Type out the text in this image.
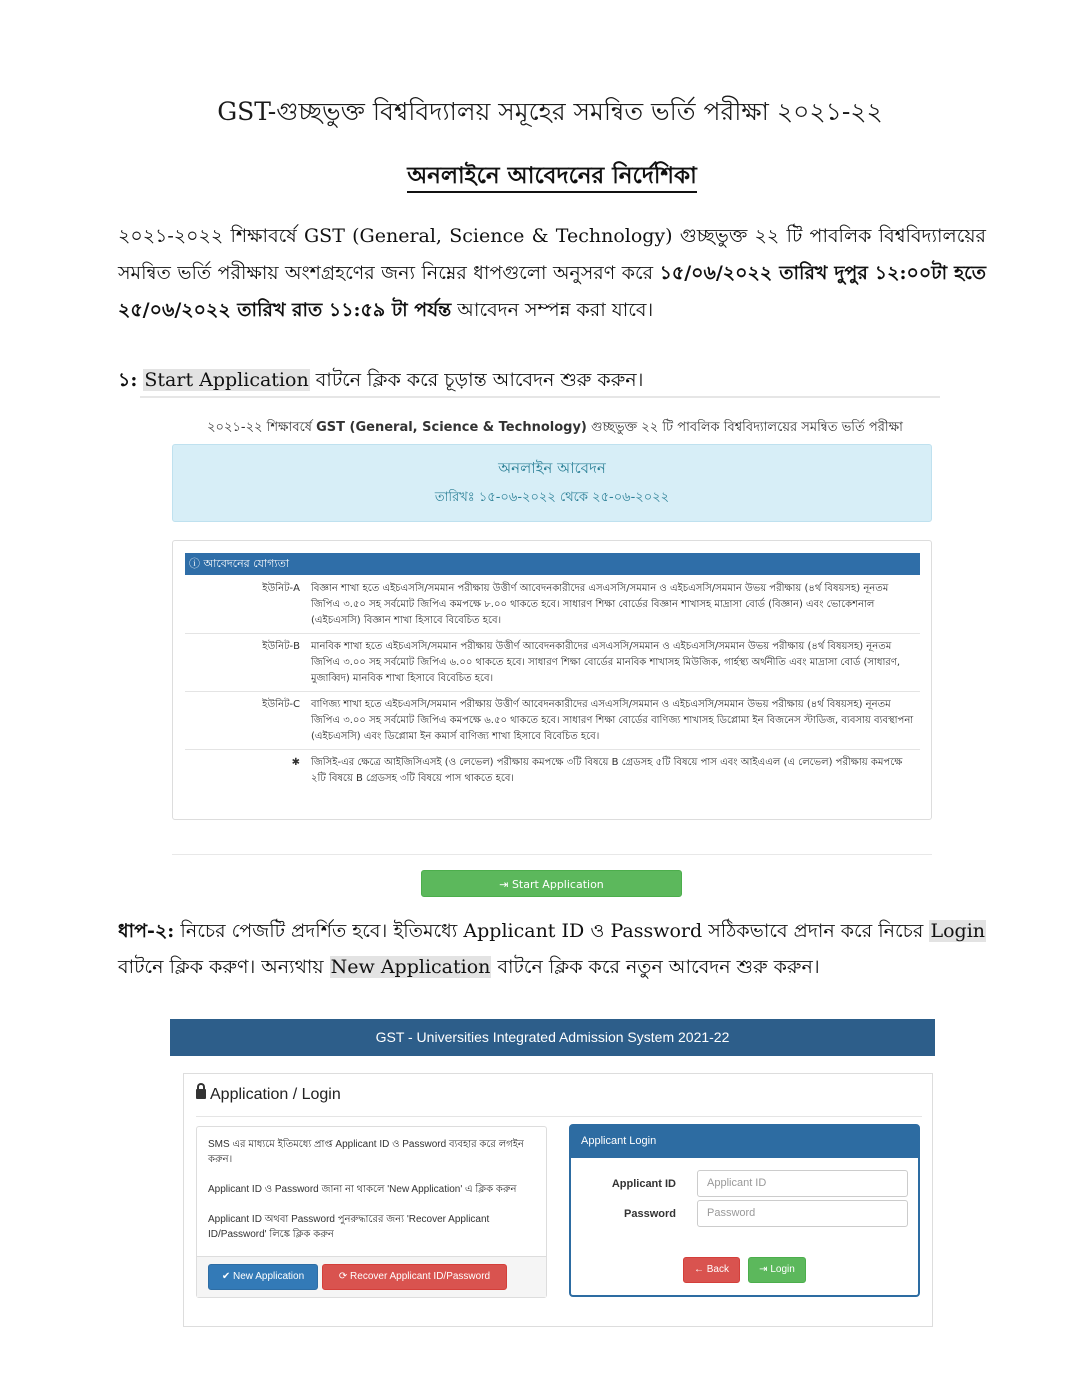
GST-গুচ্ছভুক্ত বিশ্ববিদ্যালয় সমূহের সমন্বিত ভর্তি পরীক্ষা ২০২১-২২
অনলাইনে আবেদনের নির্দেশিকা
২০২১-২০২২ শিক্ষাবর্ষে GST (General, Science & Technology) গুচ্ছভুক্ত ২২ টি পাবলিক বিশ্ববিদ্যালয়ের সমন্বিত ভর্তি পরীক্ষায় অংশগ্রহণের জন্য নিম্নের ধাপগুলো অনুসরণ করে ১৫/০৬/২০২২ তারিখ দুপুর ১২:০০টা হতে ২৫/০৬/২০২২ তারিখ রাত ১১:৫৯ টা পর্যন্ত আবেদন সম্পন্ন করা যাবে।
১: Start Application বাটনে ক্লিক করে চূড়ান্ত আবেদন শুরু করুন।
২০২১-২২ শিক্ষাবর্ষে GST (General, Science & Technology) গুচ্ছভুক্ত ২২ টি পাবলিক বিশ্ববিদ্যালয়ের সমন্বিত ভর্তি পরীক্ষা
অনলাইন আবেদন
তারিখঃ ১৫-০৬-২০২২ থেকে ২৫-০৬-২০২২
ⓘ আবেদনের যোগ্যতা
ইউনিট-A বিজ্ঞান শাখা হতে এইচএসসি/সমমান পরীক্ষায় উত্তীর্ণ আবেদনকারীদের এসএসসি/সমমান ও এইচএসসি/সমমান উভয় পরীক্ষায় (৪র্থ বিষয়সহ) নূনতম জিপিএ ৩.৫০ সহ সর্বমোট জিপিএ কমপক্ষে ৮.০০ থাকতে হবে। সাধারণ শিক্ষা বোর্ডের বিজ্ঞান শাখাসহ মাদ্রাসা বোর্ড (বিজ্ঞান) এবং ভোকেশনাল (এইচএসসি) বিজ্ঞান শাখা হিসাবে বিবেচিত হবে।
ইউনিট-B মানবিক শাখা হতে এইচএসসি/সমমান পরীক্ষায় উত্তীর্ণ আবেদনকারীদের এসএসসি/সমমান ও এইচএসসি/সমমান উভয় পরীক্ষায় (৪র্থ বিষয়সহ) নূনতম জিপিএ ৩.০০ সহ সর্বমোট জিপিএ ৬.০০ থাকতে হবে। সাধারণ শিক্ষা বোর্ডের মানবিক শাখাসহ মিউজিক, গার্হস্থ্য অর্থনীতি এবং মাদ্রাসা বোর্ড (সাধারণ, মুজাব্বিদ) মানবিক শাখা হিসাবে বিবেচিত হবে।
ইউনিট-C বাণিজ্য শাখা হতে এইচএসসি/সমমান পরীক্ষায় উত্তীর্ণ আবেদনকারীদের এসএসসি/সমমান ও এইচএসসি/সমমান উভয় পরীক্ষায় (৪র্থ বিষয়সহ) নূনতম জিপিএ ৩.০০ সহ সর্বমোট জিপিএ কমপক্ষে ৬.৫০ থাকতে হবে। সাধারণ শিক্ষা বোর্ডের বাণিজ্য শাখাসহ ডিপ্লোমা ইন বিজনেস স্টাডিজ, ব্যবসায় ব্যবস্থাপনা (এইচএসসি) এবং ডিপ্লোমা ইন কমার্স বাণিজ্য শাখা হিসাবে বিবেচিত হবে।
✱ জিসিই-এর ক্ষেত্রে আইজিসিএসই (ও লেভেল) পরীক্ষায় কমপক্ষে ৩টি বিষয়ে B গ্রেডসহ ৫টি বিষয়ে পাস এবং আইএএল (এ লেভেল) পরীক্ষায় কমপক্ষে ২টি বিষয়ে B গ্রেডসহ ৩টি বিষয়ে পাস থাকতে হবে।
⇥ Start Application
ধাপ-২: নিচের পেজটি প্রদর্শিত হবে। ইতিমধ্যে Applicant ID ও Password সঠিকভাবে প্রদান করে নিচের Login বাটনে ক্লিক করুণ। অন্যথায় New Application বাটনে ক্লিক করে নতুন আবেদন শুরু করুন।
GST - Universities Integrated Admission System 2021-22
Application / Login

SMS এর মাধ্যমে ইতিমধ্যে প্রাপ্ত Applicant ID ও Password ব্যবহার করে লগইন করুন।

Applicant ID ও Password জানা না থাকলে 'New Application' এ ক্লিক করুন

Applicant ID অথবা Password পুনরুদ্ধারের জন্য 'Recover Applicant ID/Password' লিঙ্কে ক্লিক করুন

✔ New Application	⟳ Recover Applicant ID/Password
Applicant Login
Applicant ID	Applicant ID
Password	Password
← Back	⇥ Login
